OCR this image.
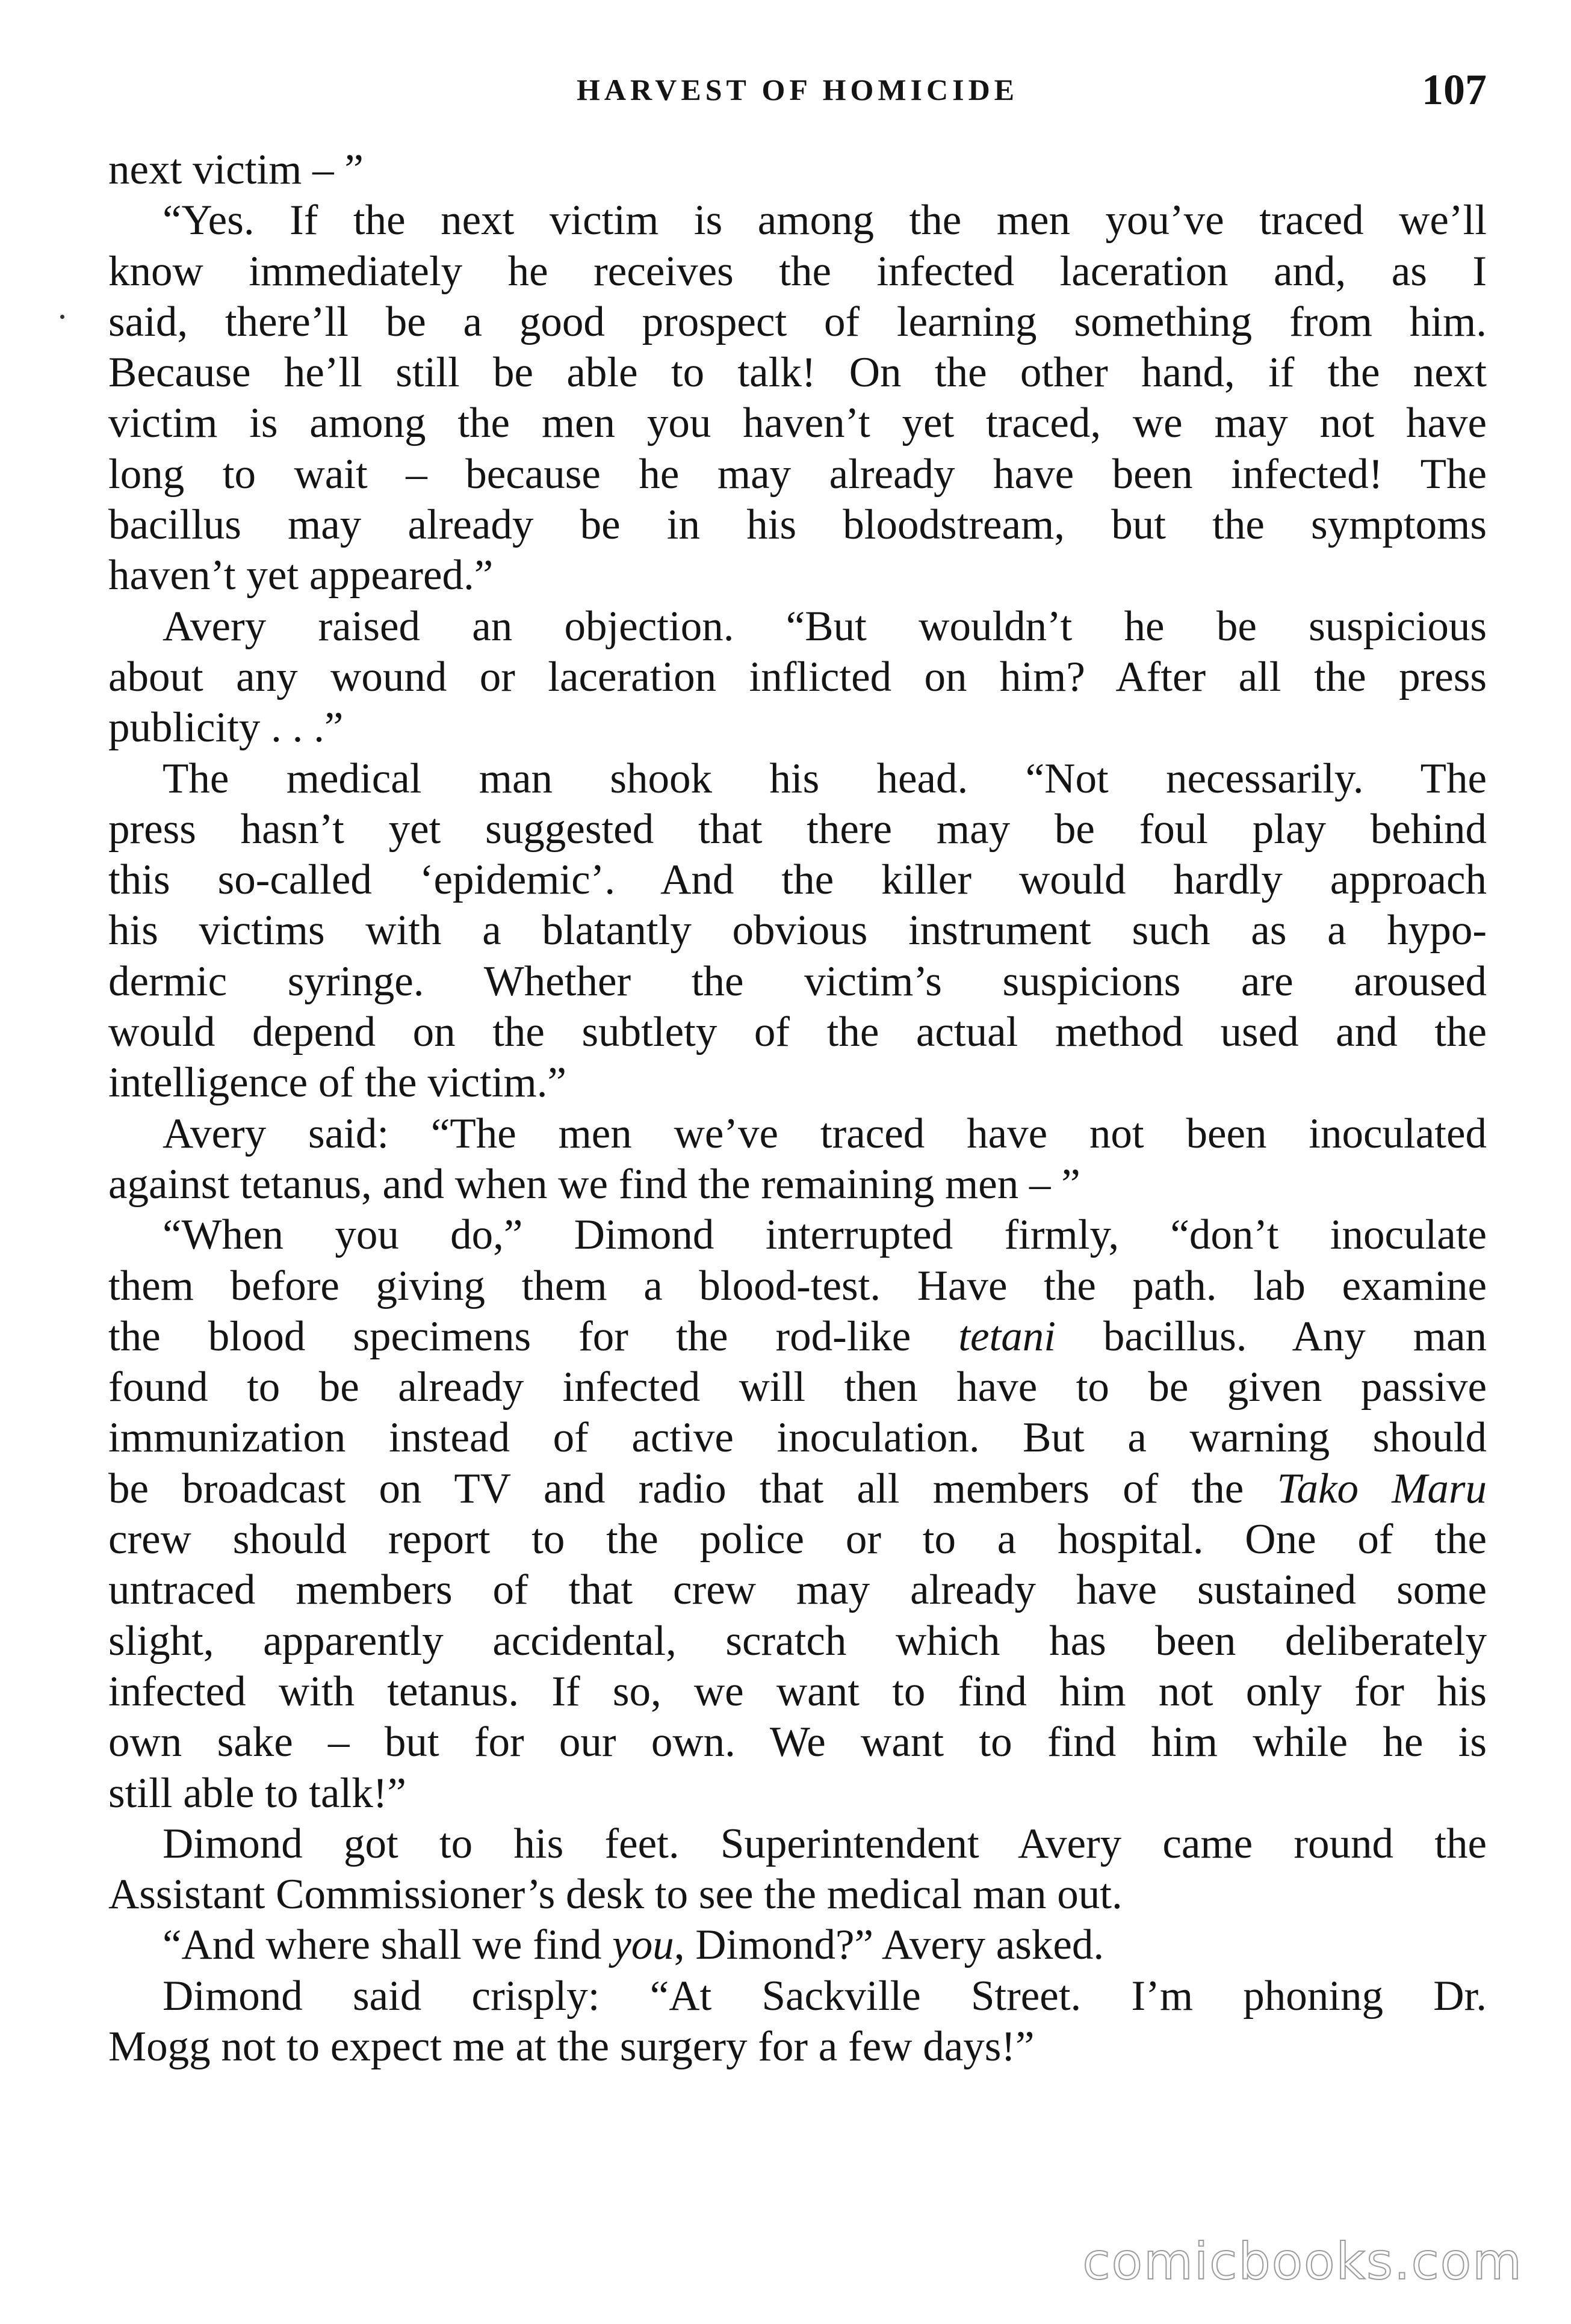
HARVEST OF HOMICIDE	107
next victim – ”
“Yes. If the next victim is among the men you’ve traced we’ll
know immediately he receives the infected laceration and, as I
said, there’ll be a good prospect of learning something from him.
Because he’ll still be able to talk! On the other hand, if the next
victim is among the men you haven’t yet traced, we may not have
long to wait – because he may already have been infected! The
bacillus may already be in his bloodstream, but the symptoms
haven’t yet appeared.”
Avery raised an objection. “But wouldn’t he be suspicious
about any wound or laceration inflicted on him? After all the press
publicity . . .”
The medical man shook his head. “Not necessarily. The
press hasn’t yet suggested that there may be foul play behind
this so-called ‘epidemic’. And the killer would hardly approach
his victims with a blatantly obvious instrument such as a hypo-
dermic syringe. Whether the victim’s suspicions are aroused
would depend on the subtlety of the actual method used and the
intelligence of the victim.”
Avery said: “The men we’ve traced have not been inoculated
against tetanus, and when we find the remaining men – ”
“When you do,” Dimond interrupted firmly, “don’t inoculate
them before giving them a blood-test. Have the path. lab examine
the blood specimens for the rod-like tetani bacillus. Any man
found to be already infected will then have to be given passive
immunization instead of active inoculation. But a warning should
be broadcast on TV and radio that all members of the Tako Maru
crew should report to the police or to a hospital. One of the
untraced members of that crew may already have sustained some
slight, apparently accidental, scratch which has been deliberately
infected with tetanus. If so, we want to find him not only for his
own sake – but for our own. We want to find him while he is
still able to talk!”
Dimond got to his feet. Superintendent Avery came round the
Assistant Commissioner’s desk to see the medical man out.
“And where shall we find you, Dimond?” Avery asked.
Dimond said crisply: “At Sackville Street. I’m phoning Dr.
Mogg not to expect me at the surgery for a few days!”
comicbooks.com
